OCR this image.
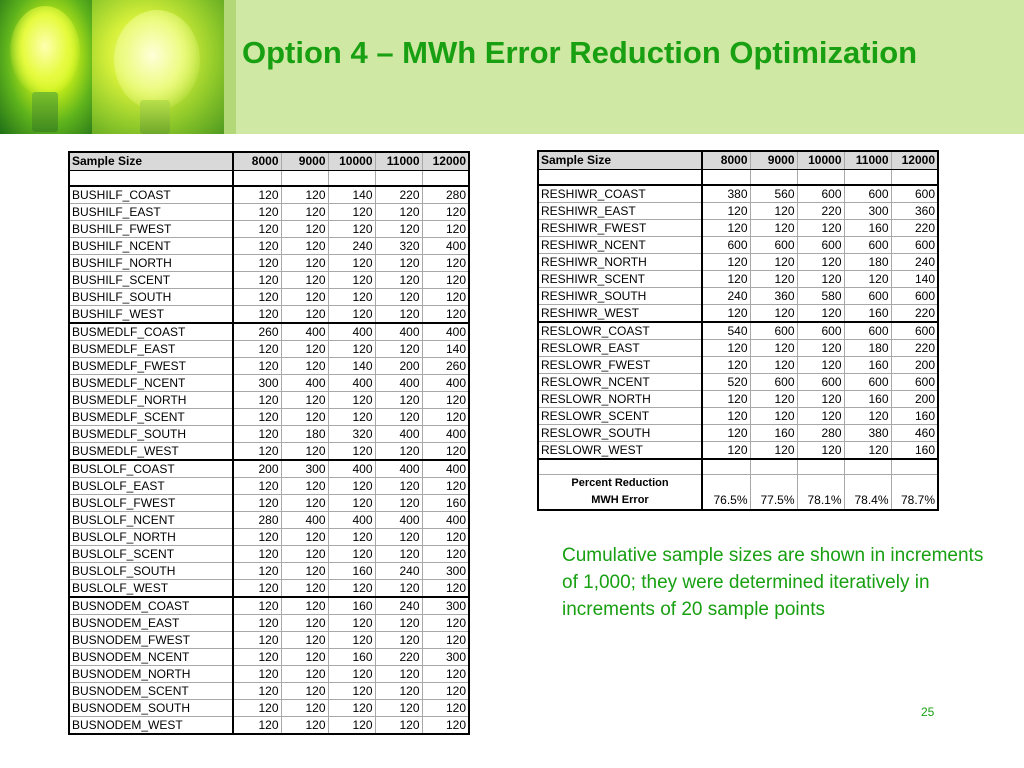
Option 4 – MWh Error Reduction Optimization
Sample Size	8000	9000	10000	11000	12000

BUSHILF_COAST	120	120	140	220	280
BUSHILF_EAST	120	120	120	120	120
BUSHILF_FWEST	120	120	120	120	120
BUSHILF_NCENT	120	120	240	320	400
BUSHILF_NORTH	120	120	120	120	120
BUSHILF_SCENT	120	120	120	120	120
BUSHILF_SOUTH	120	120	120	120	120
BUSHILF_WEST	120	120	120	120	120
BUSMEDLF_COAST	260	400	400	400	400
BUSMEDLF_EAST	120	120	120	120	140
BUSMEDLF_FWEST	120	120	140	200	260
BUSMEDLF_NCENT	300	400	400	400	400
BUSMEDLF_NORTH	120	120	120	120	120
BUSMEDLF_SCENT	120	120	120	120	120
BUSMEDLF_SOUTH	120	180	320	400	400
BUSMEDLF_WEST	120	120	120	120	120
BUSLOLF_COAST	200	300	400	400	400
BUSLOLF_EAST	120	120	120	120	120
BUSLOLF_FWEST	120	120	120	120	160
BUSLOLF_NCENT	280	400	400	400	400
BUSLOLF_NORTH	120	120	120	120	120
BUSLOLF_SCENT	120	120	120	120	120
BUSLOLF_SOUTH	120	120	160	240	300
BUSLOLF_WEST	120	120	120	120	120
BUSNODEM_COAST	120	120	160	240	300
BUSNODEM_EAST	120	120	120	120	120
BUSNODEM_FWEST	120	120	120	120	120
BUSNODEM_NCENT	120	120	160	220	300
BUSNODEM_NORTH	120	120	120	120	120
BUSNODEM_SCENT	120	120	120	120	120
BUSNODEM_SOUTH	120	120	120	120	120
BUSNODEM_WEST	120	120	120	120	120
Sample Size	8000	9000	10000	11000	12000

RESHIWR_COAST	380	560	600	600	600
RESHIWR_EAST	120	120	220	300	360
RESHIWR_FWEST	120	120	120	160	220
RESHIWR_NCENT	600	600	600	600	600
RESHIWR_NORTH	120	120	120	180	240
RESHIWR_SCENT	120	120	120	120	140
RESHIWR_SOUTH	240	360	580	600	600
RESHIWR_WEST	120	120	120	160	220
RESLOWR_COAST	540	600	600	600	600
RESLOWR_EAST	120	120	120	180	220
RESLOWR_FWEST	120	120	120	160	200
RESLOWR_NCENT	520	600	600	600	600
RESLOWR_NORTH	120	120	120	160	200
RESLOWR_SCENT	120	120	120	120	160
RESLOWR_SOUTH	120	160	280	380	460
RESLOWR_WEST	120	120	120	120	160

Percent Reduction
MWH Error	76.5%	77.5%	78.1%	78.4%	78.7%

Cumulative sample sizes are shown in increments of 1,000; they were determined iteratively in increments of 20 sample points

25
